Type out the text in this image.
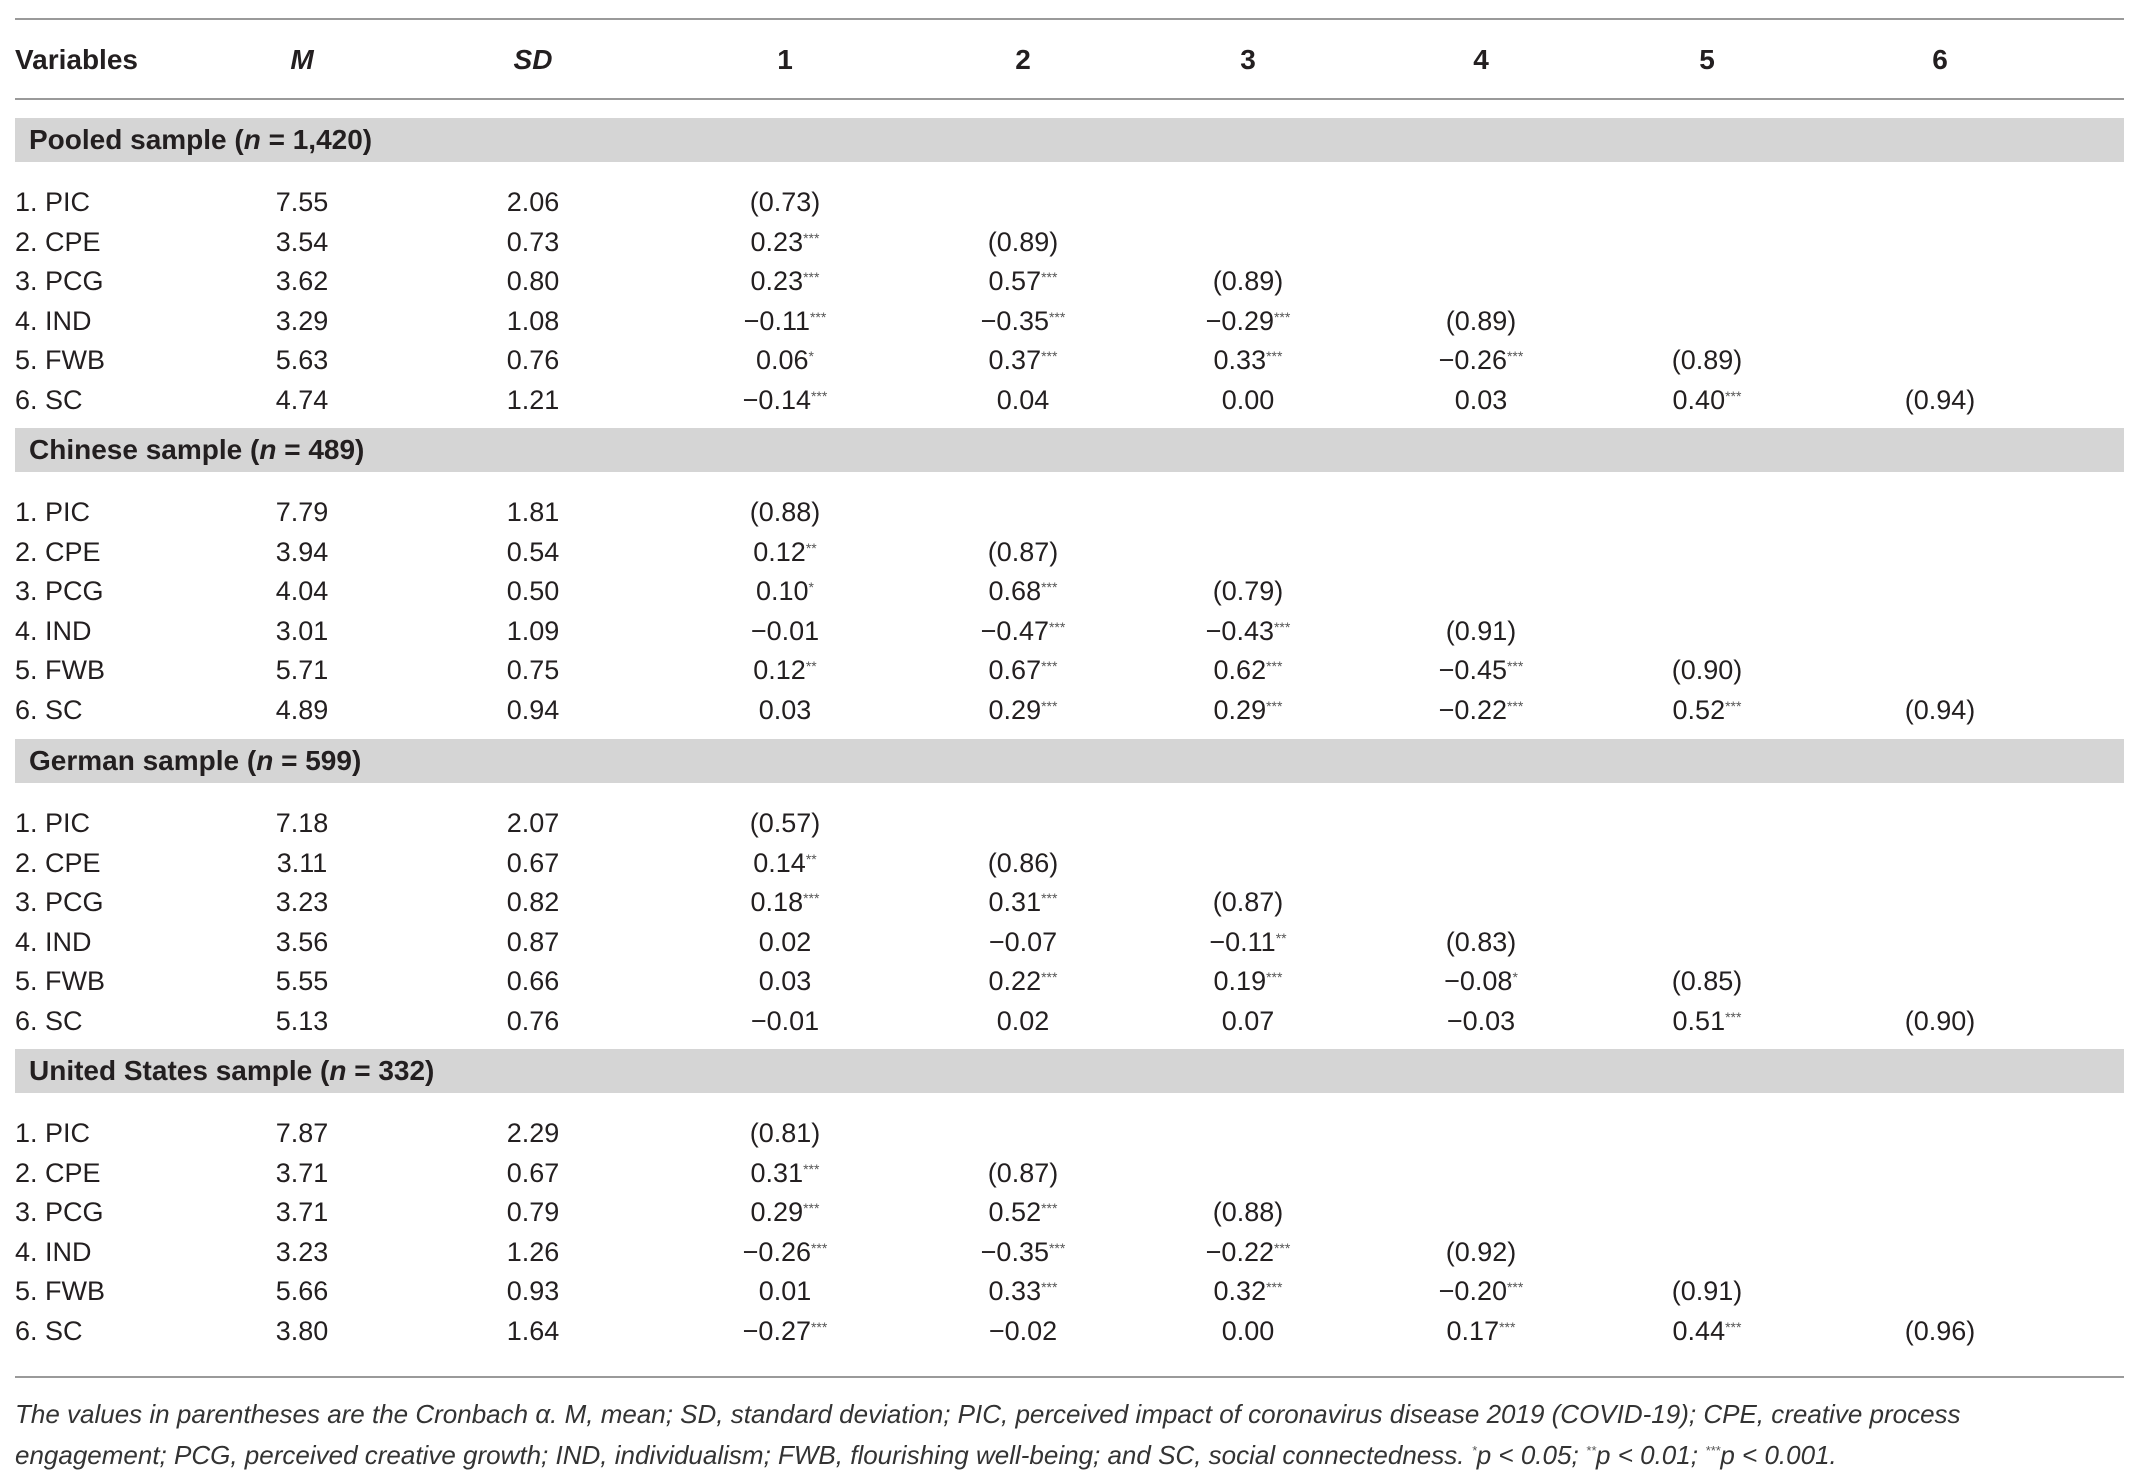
Variables	M	SD	1	2	3	4	5	6
Pooled sample (n = 1,420)
1. PIC	7.55	2.06	(0.73)
2. CPE	3.54	0.73	0.23***	(0.89)
3. PCG	3.62	0.80	0.23***	0.57***	(0.89)
4. IND	3.29	1.08	−0.11***	−0.35***	−0.29***	(0.89)
5. FWB	5.63	0.76	0.06*	0.37***	0.33***	−0.26***	(0.89)
6. SC	4.74	1.21	−0.14***	0.04	0.00	0.03	0.40***	(0.94)
Chinese sample (n = 489)
1. PIC	7.79	1.81	(0.88)
2. CPE	3.94	0.54	0.12**	(0.87)
3. PCG	4.04	0.50	0.10*	0.68***	(0.79)
4. IND	3.01	1.09	−0.01	−0.47***	−0.43***	(0.91)
5. FWB	5.71	0.75	0.12**	0.67***	0.62***	−0.45***	(0.90)
6. SC	4.89	0.94	0.03	0.29***	0.29***	−0.22***	0.52***	(0.94)
German sample (n = 599)
1. PIC	7.18	2.07	(0.57)
2. CPE	3.11	0.67	0.14**	(0.86)
3. PCG	3.23	0.82	0.18***	0.31***	(0.87)
4. IND	3.56	0.87	0.02	−0.07	−0.11**	(0.83)
5. FWB	5.55	0.66	0.03	0.22***	0.19***	−0.08*	(0.85)
6. SC	5.13	0.76	−0.01	0.02	0.07	−0.03	0.51***	(0.90)
United States sample (n = 332)
1. PIC	7.87	2.29	(0.81)
2. CPE	3.71	0.67	0.31***	(0.87)
3. PCG	3.71	0.79	0.29***	0.52***	(0.88)
4. IND	3.23	1.26	−0.26***	−0.35***	−0.22***	(0.92)
5. FWB	5.66	0.93	0.01	0.33***	0.32***	−0.20***	(0.91)
6. SC	3.80	1.64	−0.27***	−0.02	0.00	0.17***	0.44***	(0.96)
The values in parentheses are the Cronbach α. M, mean; SD, standard deviation; PIC, perceived impact of coronavirus disease 2019 (COVID-19); CPE, creative process
engagement; PCG, perceived creative growth; IND, individualism; FWB, flourishing well-being; and SC, social connectedness. *p < 0.05; **p < 0.01; ***p < 0.001.
